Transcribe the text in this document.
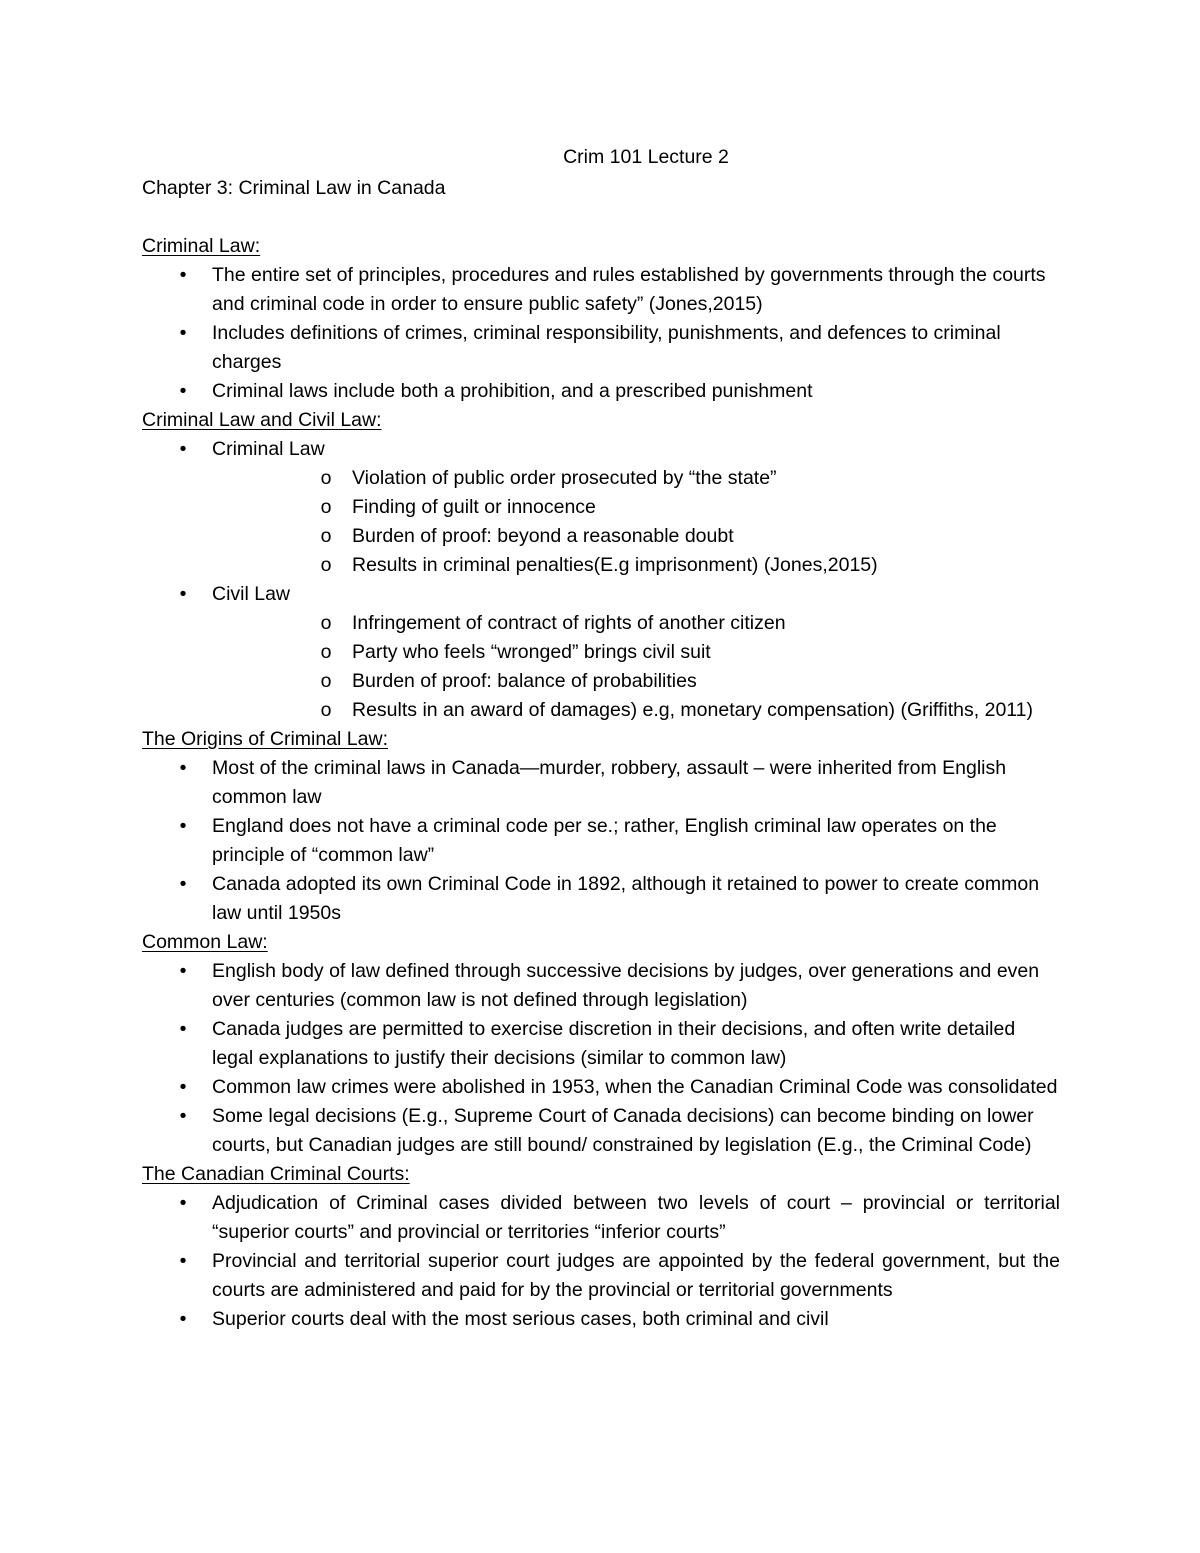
Crim 101 Lecture 2
Chapter 3: Criminal Law in Canada
Criminal Law:
•	The entire set of principles, procedures and rules established by governments through the courts and criminal code in order to ensure public safety” (Jones,2015)
•	Includes definitions of crimes, criminal responsibility, punishments, and defences to criminal charges
•	Criminal laws include both a prohibition, and a prescribed punishment
Criminal Law and Civil Law:
•	Criminal Law
o Violation of public order prosecuted by “the state”
o Finding of guilt or innocence
o Burden of proof: beyond a reasonable doubt
o Results in criminal penalties(E.g imprisonment) (Jones,2015)
•	Civil Law
o Infringement of contract of rights of another citizen
o Party who feels “wronged” brings civil suit
o Burden of proof: balance of probabilities
o Results in an award of damages) e.g, monetary compensation) (Griffiths, 2011)
The Origins of Criminal Law:
•	Most of the criminal laws in Canada—murder, robbery, assault – were inherited from English common law
•	England does not have a criminal code per se.; rather, English criminal law operates on the principle of “common law”
•	Canada adopted its own Criminal Code in 1892, although it retained to power to create common law until 1950s
Common Law:
•	English body of law defined through successive decisions by judges, over generations and even over centuries (common law is not defined through legislation)
•	Canada judges are permitted to exercise discretion in their decisions, and often write detailed legal explanations to justify their decisions (similar to common law)
•	Common law crimes were abolished in 1953, when the Canadian Criminal Code was consolidated
•	Some legal decisions (E.g., Supreme Court of Canada decisions) can become binding on lower courts, but Canadian judges are still bound/ constrained by legislation (E.g., the Criminal Code)
The Canadian Criminal Courts:
•	Adjudication of Criminal cases divided between two levels of court – provincial or territorial “superior courts” and provincial or territories “inferior courts”
•	Provincial and territorial superior court judges are appointed by the federal government, but the courts are administered and paid for by the provincial or territorial governments
•	Superior courts deal with the most serious cases, both criminal and civil
